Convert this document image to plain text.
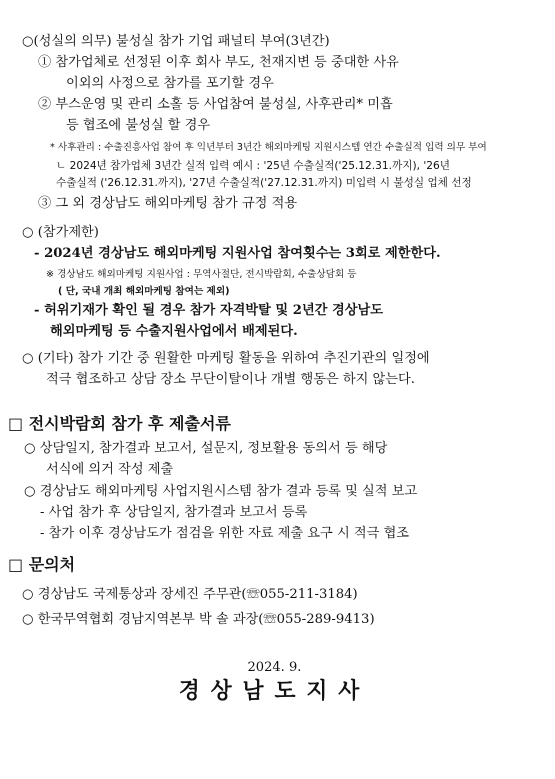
○(성실의 의무) 불성실 참가 기업 패널티 부여(3년간)
① 참가업체로 선정된 이후 회사 부도, 천재지변 등 중대한 사유
이외의 사정으로 참가를 포기할 경우
② 부스운영 및 관리 소홀 등 사업참여 불성실, 사후관리* 미흡
등 협조에 불성실 할 경우
* 사후관리 : 수출진흥사업 참여 후 익년부터 3년간 해외마케팅 지원시스템 연간 수출실적 입력 의무 부여
ㄴ 2024년 참가업체 3년간 실적 입력 예시 : '25년 수출실적('25.12.31.까지), '26년
수출실적 ('26.12.31.까지), '27년 수출실적('27.12.31.까지) 미입력 시 불성실 업체 선정
③ 그 외 경상남도 해외마케팅 참가 규정 적용
○ (참가제한)
- 2024년 경상남도 해외마케팅 지원사업 참여횟수는 3회로 제한한다.
※ 경상남도 해외마케팅 지원사업 : 무역사절단, 전시박람회, 수출상담회 등
( 단, 국내 개최 해외마케팅 참여는 제외)
- 허위기재가 확인 될 경우 참가 자격박탈 및 2년간 경상남도
해외마케팅 등 수출지원사업에서 배제된다.
○ (기타) 참가 기간 중 원활한 마케팅 활동을 위하여 추진기관의 일정에
적극 협조하고 상담 장소 무단이탈이나 개별 행동은 하지 않는다.
□ 전시박람회 참가 후 제출서류
○ 상담일지, 참가결과 보고서, 설문지, 정보활용 동의서 등 해당
서식에 의거 작성 제출
○ 경상남도 해외마케팅 사업지원시스템 참가 결과 등록 및 실적 보고
- 사업 참가 후 상담일지, 참가결과 보고서 등록
- 참가 이후 경상남도가 점검을 위한 자료 제출 요구 시 적극 협조
□ 문의처
○ 경상남도 국제통상과 장세진 주무관(☏055-211-3184)
○ 한국무역협회 경남지역본부 박 솔 과장(☏055-289-9413)
2024. 9.
경상남도지사
